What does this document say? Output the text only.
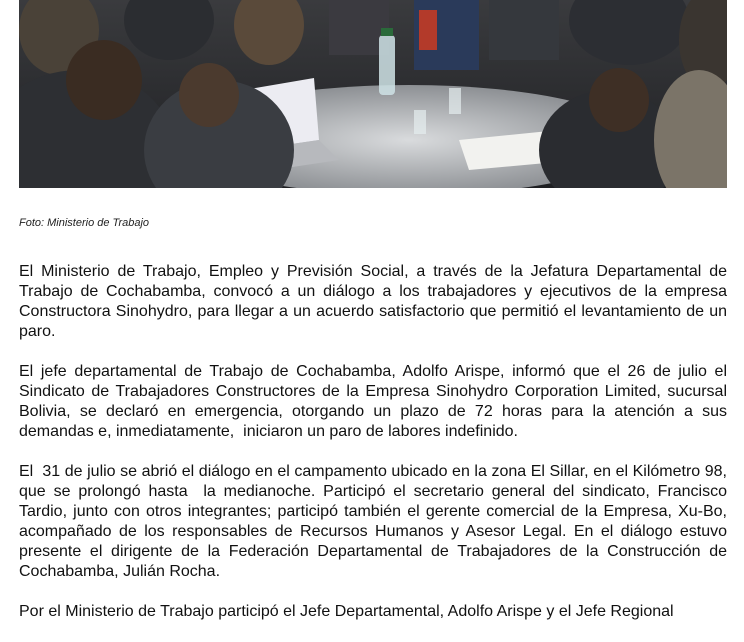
Foto: Ministerio de Trabajo

El Ministerio de Trabajo, Empleo y Previsión Social, a través de la Jefatura Departamental de Trabajo de Cochabamba, convocó a un diálogo a los trabajadores y ejecutivos de la empresa Constructora Sinohydro, para llegar a un acuerdo satisfactorio que permitió el levantamiento de un paro.

El jefe departamental de Trabajo de Cochabamba, Adolfo Arispe, informó que el 26 de julio el Sindicato de Trabajadores Constructores de la Empresa Sinohydro Corporation Limited, sucursal Bolivia, se declaró en emergencia, otorgando un plazo de 72 horas para la atención a sus demandas e, inmediatamente,  iniciaron un paro de labores indefinido.

El  31 de julio se abrió el diálogo en el campamento ubicado en la zona El Sillar, en el Kilómetro 98, que se prolongó hasta  la medianoche. Participó el secretario general del sindicato, Francisco Tardio, junto con otros integrantes; participó también el gerente comercial de la Empresa, Xu-Bo, acompañado de los responsables de Recursos Humanos y Asesor Legal. En el diálogo estuvo presente el dirigente de la Federación Departamental de Trabajadores de la Construcción de Cochabamba, Julián Rocha.

Por el Ministerio de Trabajo participó el Jefe Departamental, Adolfo Arispe y el Jefe Regional
